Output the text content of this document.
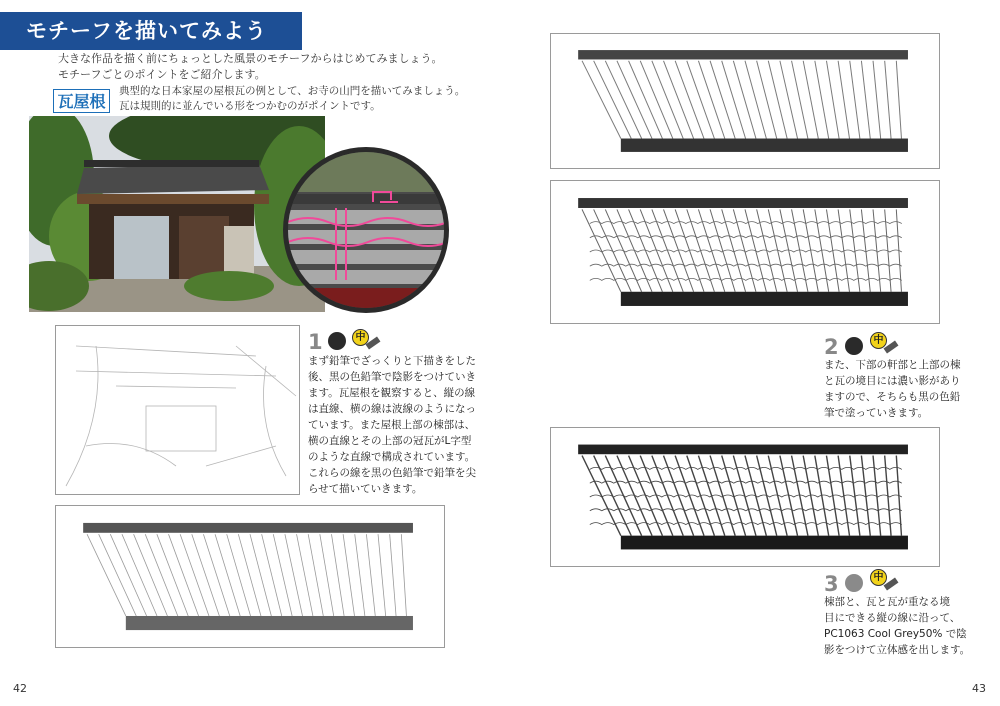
モチーフを描いてみよう
大きな作品を描く前にちょっとした風景のモチーフからはじめてみましょう。
モチーフごとのポイントをご紹介します。
瓦屋根
典型的な日本家屋の屋根瓦の例として、お寺の山門を描いてみましょう。
瓦は規則的に並んでいる形をつかむのがポイントです。
1	中
まず鉛筆でざっくりと下描きをした
後、黒の色鉛筆で陰影をつけていき
ます。瓦屋根を観察すると、縦の線
は直線、横の線は波線のようになっ
ています。また屋根上部の棟部は、
横の直線とその上部の冠瓦がL字型
のような直線で構成されています。
これらの線を黒の色鉛筆で鉛筆を尖
らせて描いていきます。
2	中
また、下部の軒部と上部の棟
と瓦の境目には濃い影があり
ますので、そちらも黒の色鉛
筆で塗っていきます。
3	中
棟部と、瓦と瓦が重なる境
目にできる縦の線に沿って、
PC1063 Cool Grey50% で陰
影をつけて立体感を出します。
42	43
